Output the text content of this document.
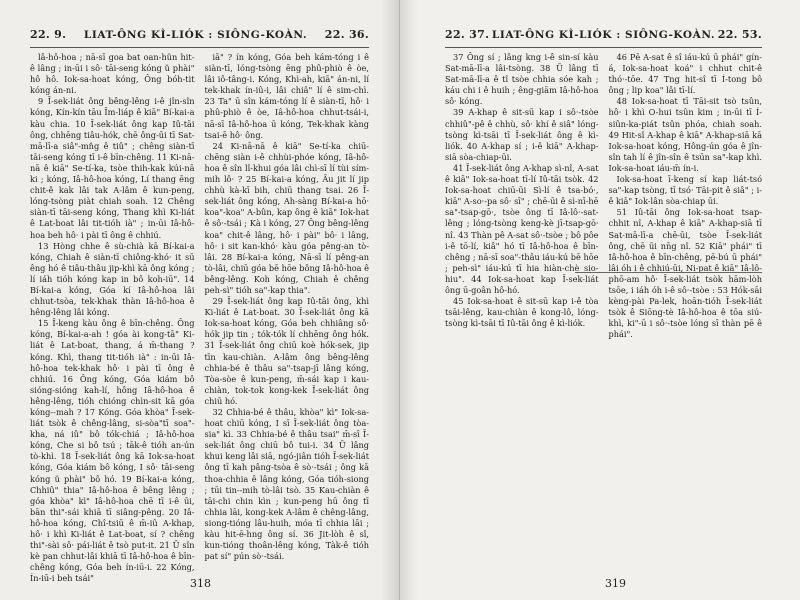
22. 9. LIAT-ÔNG KÌ-LIÓK : SIÔNG-KOÀN. 22. 36.

lâ-hô-hoa ; nā-sī goa bat oan-hün hit-ê lâng ; in-ūi i sô· tāi-seng kóng ŭ phài" hô hô. Iok-sa-hoat kóng, Ông bóh-tit kóng án-ni.

9 Ī-sek-liát ông bêng-lêng i-ê jîn-sîn kóng, Kín-kín tāu Īm-liáp ê kiā" Bí-kai-a kàu chia. 10 Ī-sek-liát ông kap Iû-tāi ông, chhēng tiâu-hók, chē ông-ūi tī Sat-mā-lī-a siâ"-mn̂g ê tiû" ; chêng siàn-tī tāi-seng kóng tī i-ê bīn-chêng. 11 Ki-nā-nā ê kiā" Se-tí-ka, tsòe thih-kak kúi-nā ki ; kóng, Iâ-hô-hoa kóng, Lí thang ēng chit-ê kak lâi tak A-lâm ê kun-peng, lóng-tsòng piàt chiah soah. 12 Chêng siàn-tī tāi-seng kóng, Thang khì Ki-liát ê Lat-boat lâi tit-tióh ià" ; in-ūi Iâ-hô-hoa beh hô· i pài tī ông ê chhiú.

13 Hòng chhe ê sù-chià kā Bí-kai-a kóng, Chiah ê siàn-tī chiông-khó· it sū êng hó ê tiâu-thâu jip-khì kā ông kóng ; lí iáh tióh kóng kap in bô koh-iū". 14 Bí-kai-a kóng, Góa kí Iâ-hô-hoa lâi chhut-tsòa, tek-khak thàn Iâ-hô-hoa ê hêng-lêng lâi kóng.

15 Ī-keng kàu ông ê bīn-chêng. Ông kóng, Bí-kai-a-ah ! góa ài kong-tā" Ki-liát ê Lat-boat, thang, á m̄-thang ? kóng. Khì, thang tit-tióh ià" : in-ūi Iâ-hô-hoa tek-khak hô· i pài tī ông ê chhiú. 16 Ông kóng, Góa kiám bô sióng-sióng kah-lí, hông Iâ-hô-hoa ê hêng-lêng, tióh chióng chìn-sit kā góa kóng--mah ? 17 Kóng. Góa khòa" Ī-sek-liát tsòk ê chêng-lâng, si-sòa"tī soa"-kha, ná iû" bô tók-chiá ; Iâ-hô-hoa kóng, Che si bô tsú ; tāk-ê tióh an-ún tò-khì. 18 Ī-sek-liát ông kā Iok-sa-hoat kóng, Góa kiám bô kóng, I sô· tāi-seng kóng ŭ phài" bô hó. 19 Bí-kai-a kóng, Chhiû" thia" Iâ-hô-hoa ê bêng lêng ; góa khòa" kì" Iâ-hô-hoa chē tī i-ê ūi, bān thi"-sái khiā tī siâng-pêng. 20 Iâ-hô-hoa kóng, Chî-tsiū ê m̄-iû A-khap, hô· i khì Ki-liát ê Lat-boat, sí ? chêng thi"-sài sô· pái-liát ê tsò put-it. 21 Ū sîn kè pan chhut-lâi khiā tī Iâ-hô-hoa ê bīn-chêng kóng, Góa beh ín-iū-i. 22 Kóng, Ín-iū-i beh tsái"

iā" ? ín kóng, Góa beh kám-tóng i ê siàn-tī, lóng-tsòng ēng phû-phiò ê òe, lâi iô-tâng-i. Kóng, Khì-ah, kiā" án-ni, lí tek-khak ín-iû-i, lâi chiâ" lí ê sim-chì. 23 Ta" ū sîn kám-tóng lí ê siàn-tī, hô· i phû-phiò ê òe, Iâ-hô-hoa chhut-tsái-i, nā-sī Iâ-hô-hoa ū kóng, Tek-khak kàng tsai-ē hô· ông.

24 Ki-nā-nā ê kiā" Se-tí-ka chiū-chēng siàn i-ê chhùi-phóe kóng, Iâ-hô-hoa ê sîn lî-khui góa lâi chì-sī lí tùi sím-mih lô· ? 25 Bí-kai-a kóng, Āu jit lí jip chhù kà-kī bih, chiū thang tsai. 26 Ī-sek-liát ông kóng, Ah-sàng Bí-kai-a hō· koa"-koa" A-bûn, kap ông ê kiā" Iok-hat ê sô·-tsái ; Kà i kóng, 27 Ông bêng-lêng koa" chit-ê lâng, hô· i pài" bô· i lâng, hô· i sit kan-khó· kàu góa pêng-an tò-lâi. 28 Bí-kai-a kóng, Nā-sī lí pêng-an tò-lâi, chiū góa bē hōe bông Iâ-hô-hoa ê bêng-lêng. Koh kóng, Chiah ê chêng peh-sì" tióh sa"-kap thia".

29 Ī-sek-liát ông kap Iû-tāi ông, khì Ki-liát ê Lat-boat. 30 Ī-sek-liát ông kā Iok-sa-hoat kóng, Góa beh chhiâng sô· hók jip tin ; tók-tók lí chhēng ông hók. 31 Ī-sek-liát ông chiū koè hók-sek, jip tīn kau-chiàn. A-lâm ông bêng-lêng chhia-bé ê thâu sa"-tsap-jī lâng kóng, Tòa-sòe ê kun-peng, m̄-sái kap i kau-chiàn, tok-tok kong-kek Ī-sek-liát ông chiū hó.

32 Chhia-bé ê thâu, khòa" kì" Iok-sa-hoat chiū kóng, I sī Ī-sek-liát ông tòa-sia" kì. 33 Chhia-bé ê thâu tsai" m̄-sī Ī-sek-liát ông chiū bô tui-i. 34 Ū lâng khui keng lâi siā, ngó-jiân tióh Ī-sek-liát ông tī kah pâng-tsòa ê sò·-tsái ; ông kā thoa-chhia ê lâng kóng, Góa tióh-siong ; tūi tin--mih tò-lâi tsò. 35 Kau-chiàn ê tāi-chi chin kìn ; kun-peng hū ông tī chhia lāi, kong-kek A-lâm ê chêng-lâng, siong-tióng lâu-huih, móa tī chhia lāi ; kàu hit-ē-hng ông sí. 36 Jit-lòh ê sî, kun-tióng thoân-lêng kóng, Tàk-ê tióh pat sí" pún sò·-tsái.

318
22. 37. LIAT-ÔNG KÌ-LIÓK : SIÔNG-KOÀN. 22. 53.

37 Ông sí ; lâng kng i-ê sin-sí kàu Sat-mā-lī-a lâi-tsòng. 38 Ū lâng tī Sat-mā-lī-a ê tî tsòe chhia sóe kah ; káu chi i ê huih ; êng-giām Iâ-hô-hoa sô· kóng.

39 A-khap ê sit-sū kap i sô·-tsòe chhiû"-pê ê chhù, sô· khí ê siâ" lóng-tsòng kì-tsāi tī Ī-sek-liát ông ê kì-liók. 40 A-khap sí ; i-ê kiā" A-khap-siā sòa-chiap-ūi.

41 Ī-sek-liát ông A-khap sì-nî, A-sat ê kiā" Iok-sa-hoat tī-lí Iû-tāi tsòk. 42 Iok-sa-hoat chiū-ūi Sì-lí ê tsa-bó·, kiā" A-so·-pa sô· sī" ; chē-ūi ê sì-nī-hē sa"-tsap-gō·, tsòe ông tī Iâ-lô·-sat-lêng ; lóng-tsòng keng-kè jī-tsap-gō· nî. 43 Thàn pê A-sat sô·-tsòe ; bô pôe i-ê tō-lí, kiâ" hó tī Iâ-hô-hoa ê bīn-chêng ; nā-sī soa"-thâu iáu-kú bē hōe ; peh-sì" iáu-kú tī hia hiàn-chè sio-hiu". 44 Iok-sa-hoat kap Ī-sek-liát ông ū-goân hô-hó.

45 Iok-sa-hoat ê sit-sū kap i-ê tòa tsāi-lêng, kau-chiàn ê kong-lô, lóng-tsòng kì-tsāi tī Iû-tāi ông ê kì-liók.

46 Pē A-sat ê sî iáu-kú ū phái" gín-á, Iok-sa-hoat koá" i chhut chit-ê thó·-tōe. 47 Tng hit-sî tī Í-tong bô ông ; lip koa" lâi tī-lí.

48 Iok-sa-hoat tī Tāi-sit tsò tsûn, hô· i khì O-hui tsûn kim ; in-ūi tī Í-siûn-ka-piát tsûn phóa, chiah soah. 49 Hit-sî A-khap ê kiā" A-khap-siā kā Iok-sa-hoat kóng, Hông-ún góa ê jîn-sîn tah lí ê jîn-sîn ê tsūn sa"-kap khì. Iok-sa-hoat iáu-m̄ ín-i.

Iok-sa-hoat ī-keng sí kap liát-tsó sa"-kap tsòng, tī tsó· Tāi-pit ê siâ" ; i-ê kiā" Iok-lân sòa-chiap ūi.

51 Iû-tāi ông Iok-sa-hoat tsap-chhit nî, A-khap ê kiā" A-khap-siā tī Sat-mā-lī-a chē-ūi, tsòe Ī-sek-liát ông, chē ūi nn̄g nî. 52 Kiā" phái" tī Iâ-hô-hoa ê bīn-chêng, pē-bú ū phái" lâi óh i ê chhiú-ūi, Ni-pat ê kiā" Iâ-lô-phō-am hô· Ī-sek-liát tsòk hām-lòh tsōe, i iáh óh i-ê sô·-tsòe : 53 Hók-sāi kèng-pài Pa-lek, hoān-tióh Ī-sek-liát tsòk ê Siōng-tè Iâ-hô-hoa ê tōa siú-khì, ki"-ū i sô·-tsòe lóng sī thàn pē ê phái".

319
